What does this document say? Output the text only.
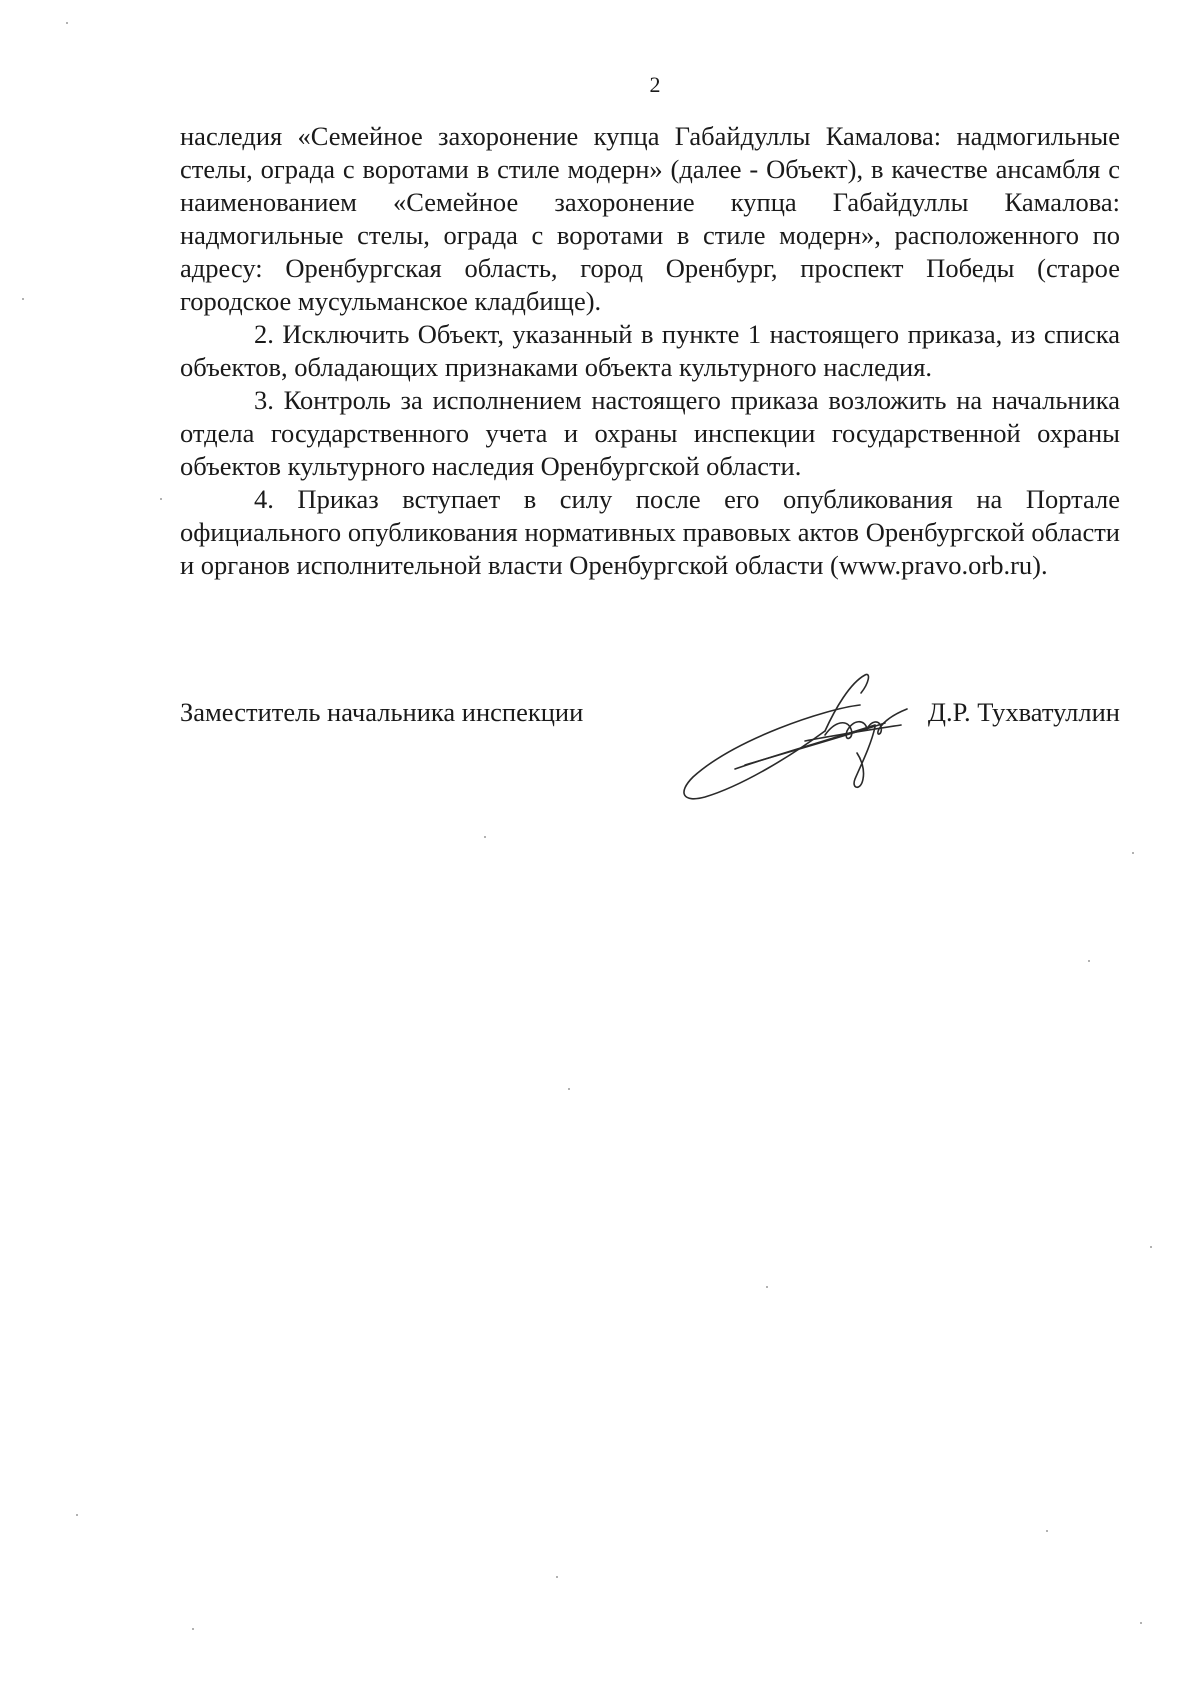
2

наследия «Семейное захоронение купца Габайдуллы Камалова: надмогильные стелы, ограда с воротами в стиле модерн» (далее - Объект), в качестве ансамбля с наименованием «Семейное захоронение купца Габайдуллы Камалова: надмогильные стелы, ограда с воротами в стиле модерн», расположенного по адресу: Оренбургская область, город Оренбург, проспект Победы (старое городское мусульманское кладбище).

2. Исключить Объект, указанный в пункте 1 настоящего приказа, из списка объектов, обладающих признаками объекта культурного наследия.

3. Контроль за исполнением настоящего приказа возложить на начальника отдела государственного учета и охраны инспекции государственной охраны объектов культурного наследия Оренбургской области.

4. Приказ вступает в силу после его опубликования на Портале официального опубликования нормативных правовых актов Оренбургской области и органов исполнительной власти Оренбургской области (www.pravo.orb.ru).

Заместитель начальника инспекции	Д.Р. Тухватуллин
